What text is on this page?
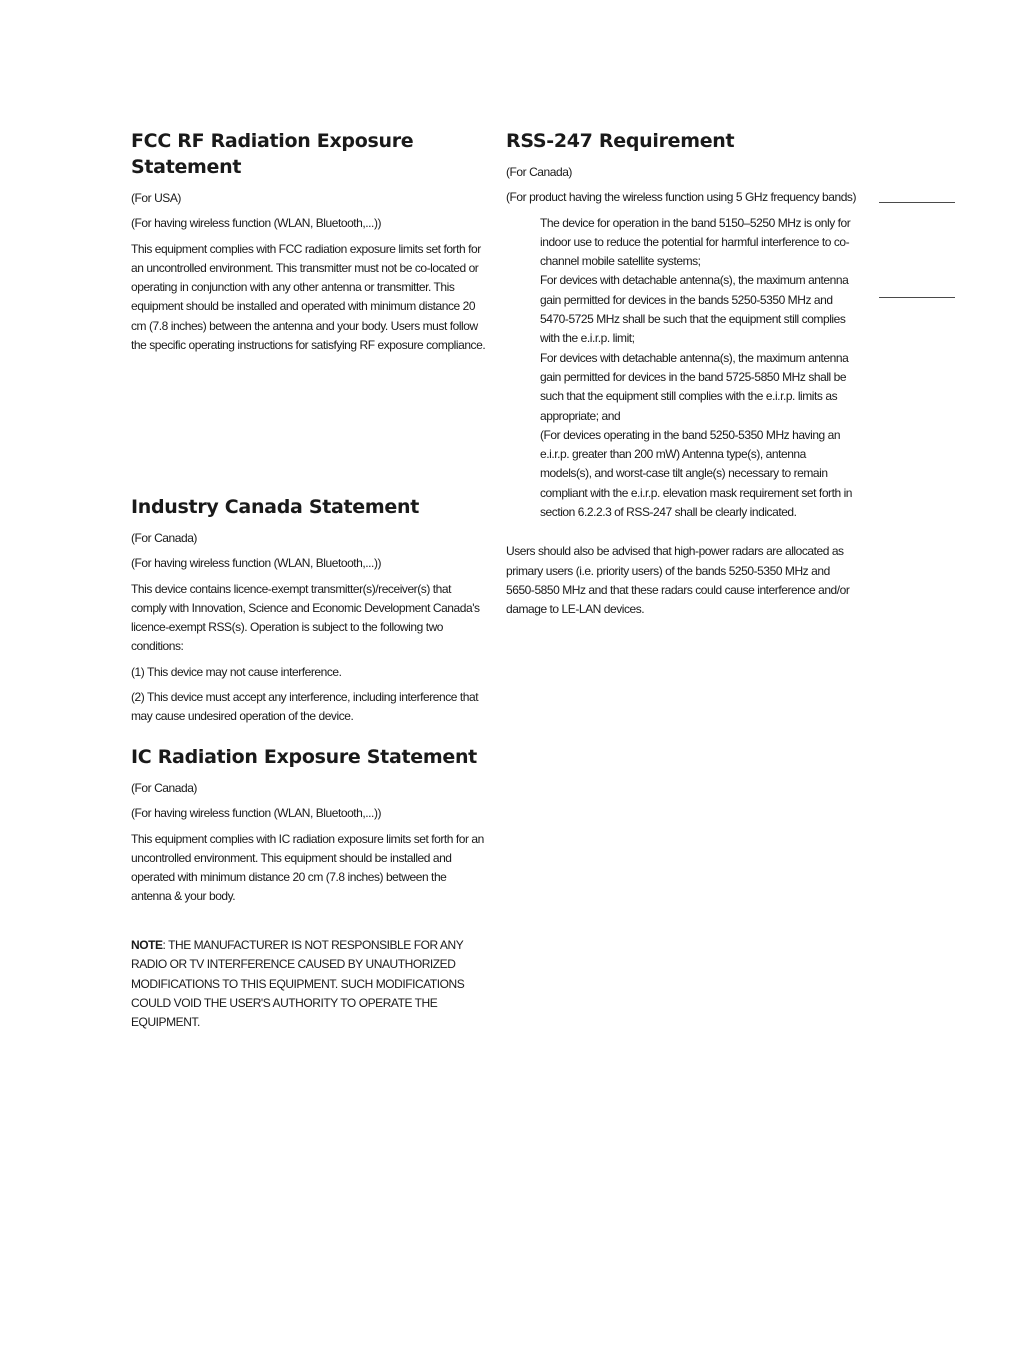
FCC RF Radiation Exposure Statement

(For USA)

(For having wireless function (WLAN, Bluetooth,...))

This equipment complies with FCC radiation exposure limits set forth for an uncontrolled environment. This transmitter must not be co-located or operating in conjunction with any other antenna or transmitter. This equipment should be installed and operated with minimum distance 20 cm (7.8 inches) between the antenna and your body. Users must follow the specific operating instructions for satisfying RF exposure compliance.

Industry Canada Statement

(For Canada)

(For having wireless function (WLAN, Bluetooth,...))

This device contains licence-exempt transmitter(s)/receiver(s) that comply with Innovation, Science and Economic Development Canada's licence-exempt RSS(s). Operation is subject to the following two conditions:

(1) This device may not cause interference.

(2) This device must accept any interference, including interference that may cause undesired operation of the device.

IC Radiation Exposure Statement

(For Canada)

(For having wireless function (WLAN, Bluetooth,...))

This equipment complies with IC radiation exposure limits set forth for an uncontrolled environment. This equipment should be installed and operated with minimum distance 20 cm (7.8 inches) between the antenna & your body.

NOTE: THE MANUFACTURER IS NOT RESPONSIBLE FOR ANY RADIO OR TV INTERFERENCE CAUSED BY UNAUTHORIZED MODIFICATIONS TO THIS EQUIPMENT. SUCH MODIFICATIONS COULD VOID THE USER'S AUTHORITY TO OPERATE THE EQUIPMENT.

RSS-247 Requirement

(For Canada)

(For product having the wireless function using 5 GHz frequency bands)

The device for operation in the band 5150–5250 MHz is only for indoor use to reduce the potential for harmful interference to co-channel mobile satellite systems;

For devices with detachable antenna(s), the maximum antenna gain permitted for devices in the bands 5250-5350 MHz and 5470-5725 MHz shall be such that the equipment still complies with the e.i.r.p. limit;

For devices with detachable antenna(s), the maximum antenna gain permitted for devices in the band 5725-5850 MHz shall be such that the equipment still complies with the e.i.r.p. limits as appropriate; and

(For devices operating in the band 5250-5350 MHz having an e.i.r.p. greater than 200 mW) Antenna type(s), antenna models(s), and worst-case tilt angle(s) necessary to remain compliant with the e.i.r.p. elevation mask requirement set forth in section 6.2.2.3 of RSS-247 shall be clearly indicated.

Users should also be advised that high-power radars are allocated as primary users (i.e. priority users) of the bands 5250-5350 MHz and 5650-5850 MHz and that these radars could cause interference and/or damage to LE-LAN devices.
